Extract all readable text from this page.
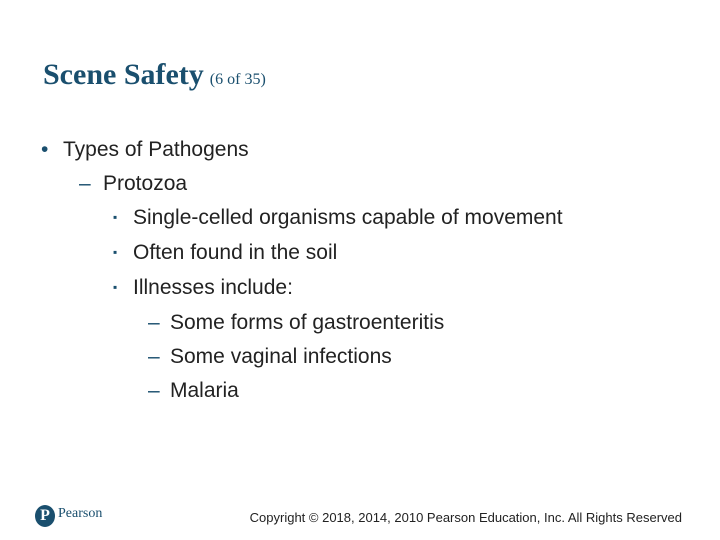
Scene Safety (6 of 35)
• Types of Pathogens
– Protozoa
▪ Single-celled organisms capable of movement
▪ Often found in the soil
▪ Illnesses include:
– Some forms of gastroenteritis
– Some vaginal infections
– Malaria
P Pearson	Copyright © 2018, 2014, 2010 Pearson Education, Inc. All Rights Reserved
